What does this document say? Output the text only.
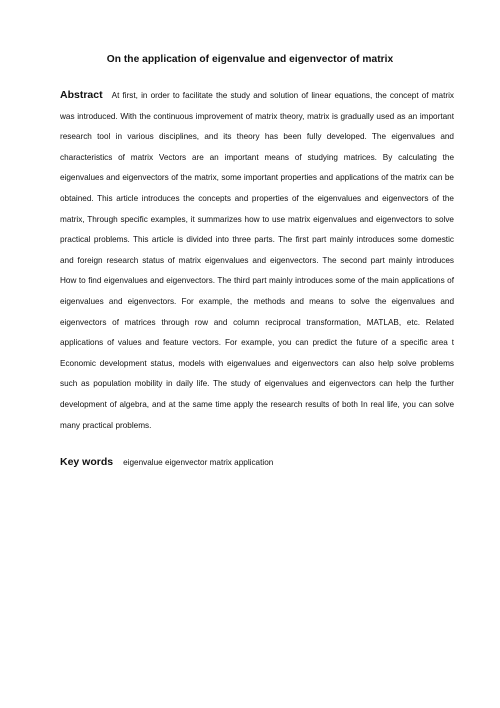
On the application of eigenvalue and eigenvector of matrix

Abstract At first, in order to facilitate the study and solution of linear equations, the concept of matrix was introduced. With the continuous improvement of matrix theory, matrix is gradually used as an important research tool in various disciplines, and its theory has been fully developed. The eigenvalues and characteristics of matrix Vectors are an important means of studying matrices. By calculating the eigenvalues and eigenvectors of the matrix, some important properties and applications of the matrix can be obtained. This article introduces the concepts and properties of the eigenvalues and eigenvectors of the matrix, Through specific examples, it summarizes how to use matrix eigenvalues and eigenvectors to solve practical problems. This article is divided into three parts. The first part mainly introduces some domestic and foreign research status of matrix eigenvalues and eigenvectors. The second part mainly introduces How to find eigenvalues and eigenvectors. The third part mainly introduces some of the main applications of eigenvalues and eigenvectors. For example, the methods and means to solve the eigenvalues and eigenvectors of matrices through row and column reciprocal transformation, MATLAB, etc. Related applications of values and feature vectors. For example, you can predict the future of a specific area t Economic development status, models with eigenvalues and eigenvectors can also help solve problems such as population mobility in daily life. The study of eigenvalues and eigenvectors can help the further development of algebra, and at the same time apply the research results of both In real life, you can solve many practical problems.

Key words eigenvalue eigenvector matrix application
